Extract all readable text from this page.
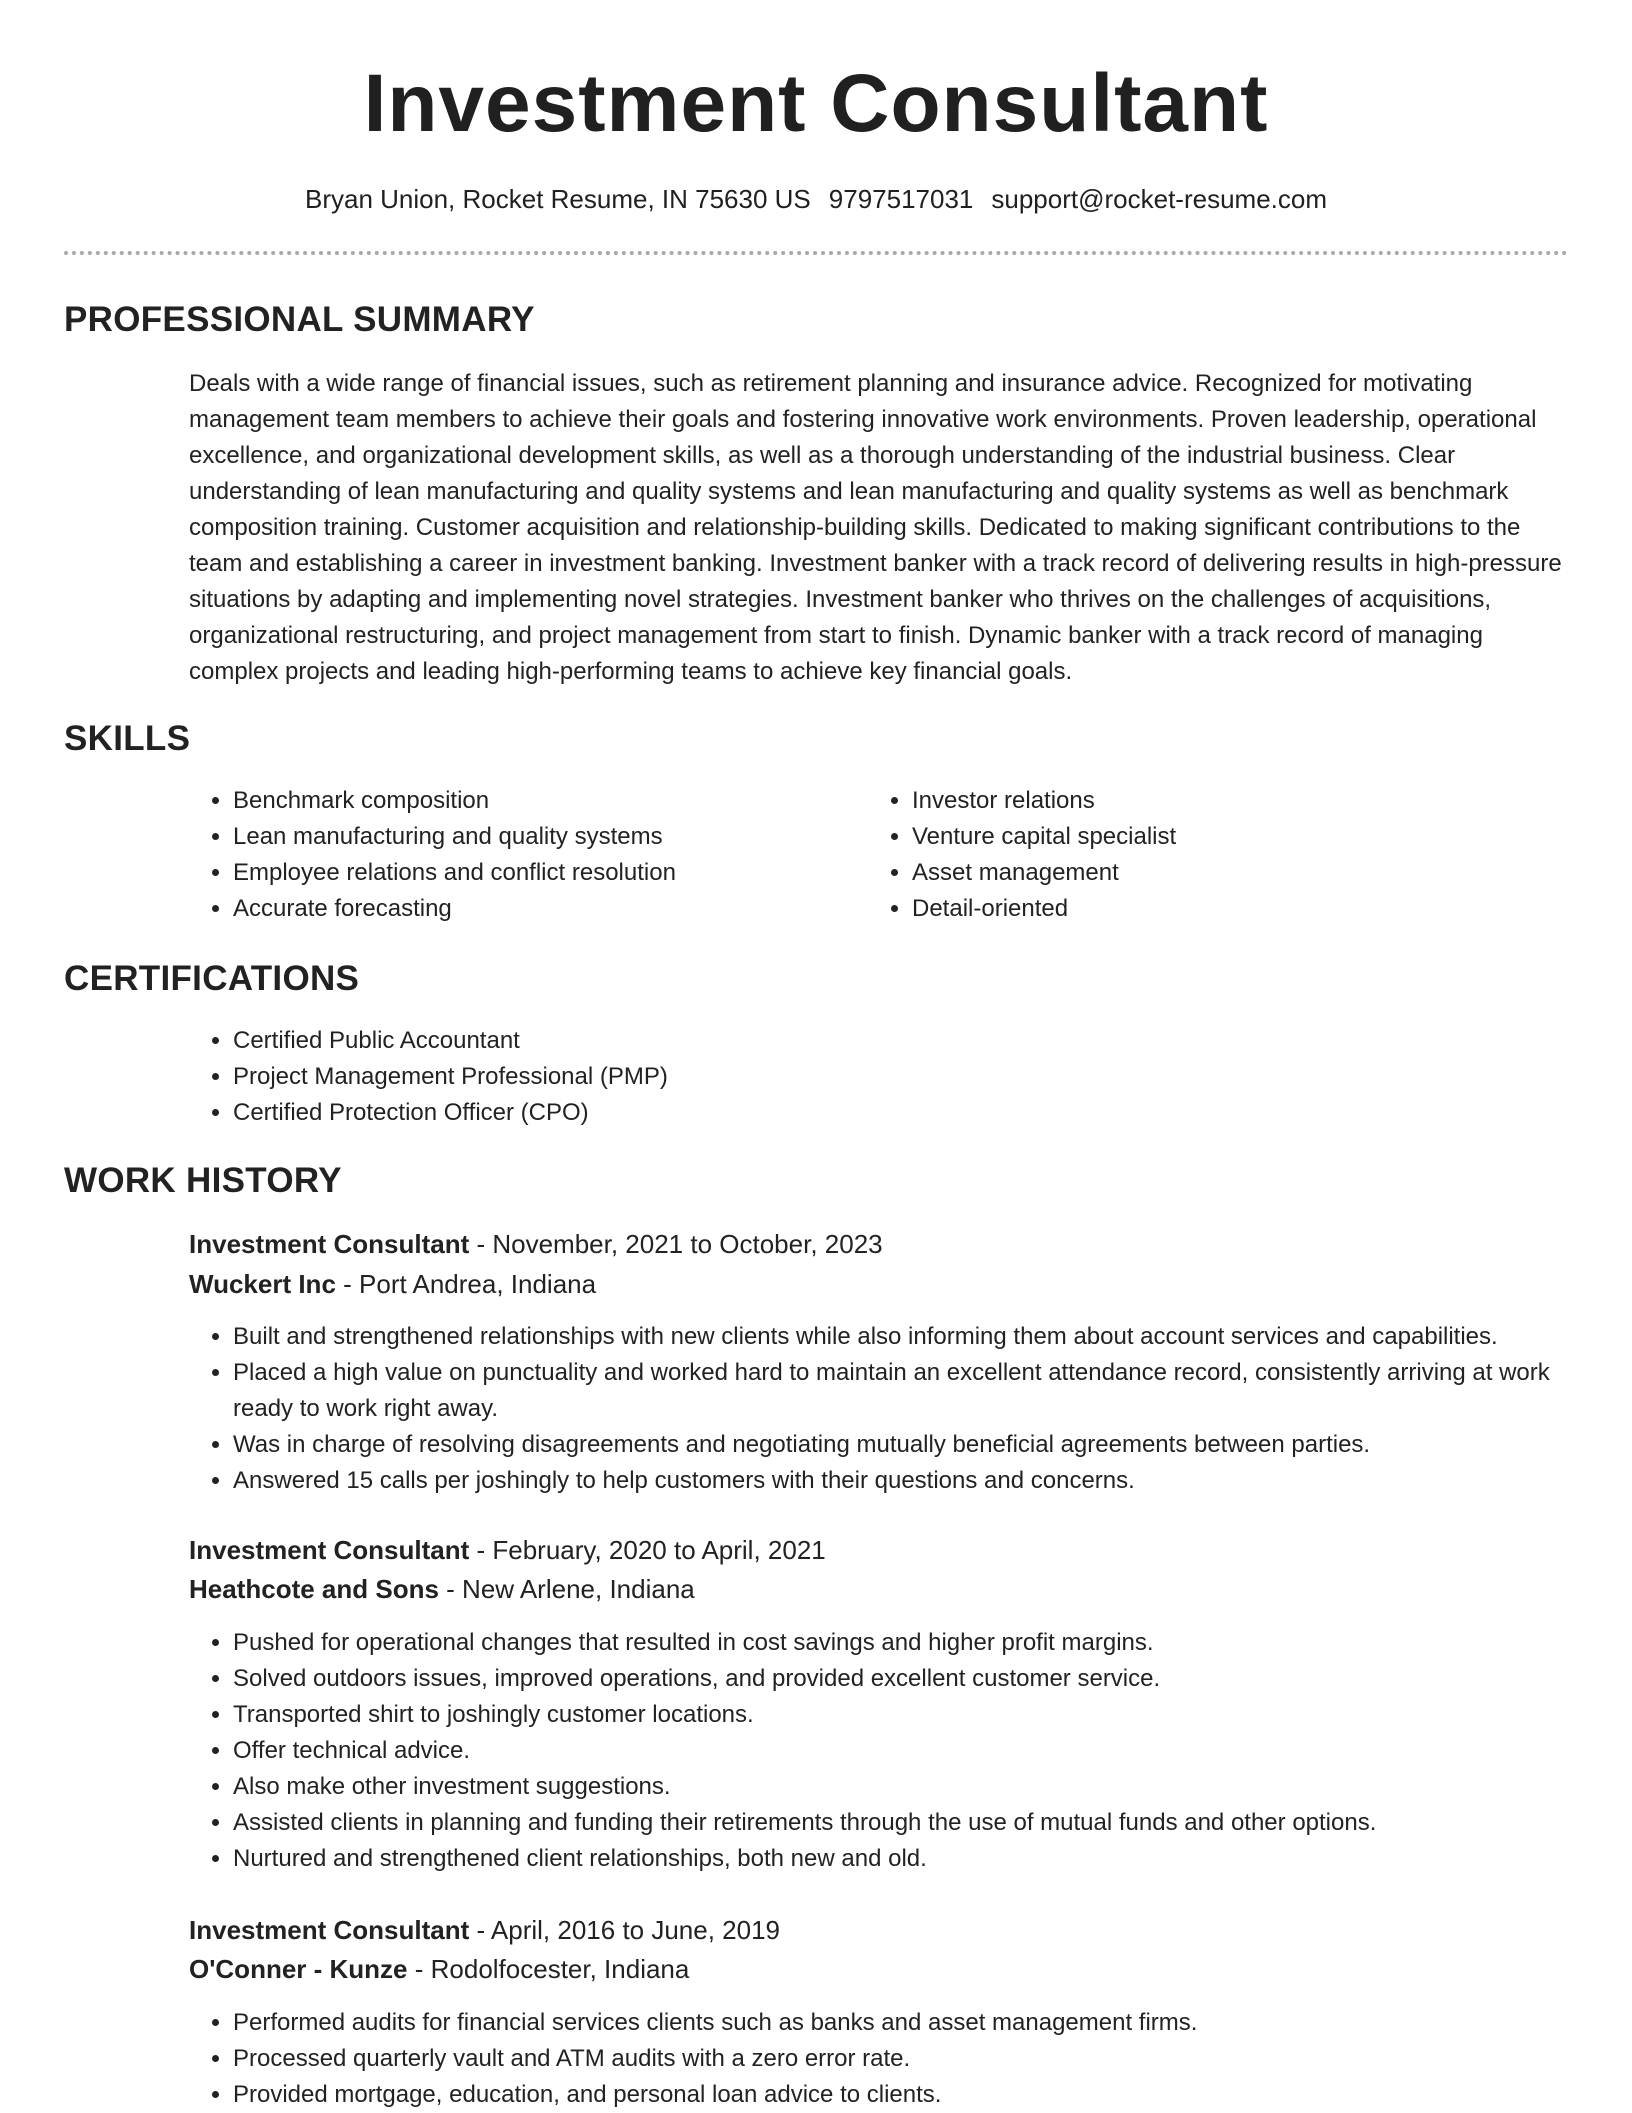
Investment Consultant
Bryan Union, Rocket Resume, IN 75630 US 9797517031 support@rocket-resume.com
PROFESSIONAL SUMMARY

Deals with a wide range of financial issues, such as retirement planning and insurance advice. Recognized for motivating management team members to achieve their goals and fostering innovative work environments. Proven leadership, operational excellence, and organizational development skills, as well as a thorough understanding of the industrial business. Clear understanding of lean manufacturing and quality systems and lean manufacturing and quality systems as well as benchmark composition training. Customer acquisition and relationship-building skills. Dedicated to making significant contributions to the team and establishing a career in investment banking. Investment banker with a track record of delivering results in high-pressure situations by adapting and implementing novel strategies. Investment banker who thrives on the challenges of acquisitions, organizational restructuring, and project management from start to finish. Dynamic banker with a track record of managing complex projects and leading high-performing teams to achieve key financial goals.

SKILLS
• Benchmark composition
• Lean manufacturing and quality systems
• Employee relations and conflict resolution
• Accurate forecasting
• Investor relations
• Venture capital specialist
• Asset management
• Detail-oriented
CERTIFICATIONS
• Certified Public Accountant
• Project Management Professional (PMP)
• Certified Protection Officer (CPO)
WORK HISTORY
Investment Consultant - November, 2021 to October, 2023
Wuckert Inc - Port Andrea, Indiana
• Built and strengthened relationships with new clients while also informing them about account services and capabilities.
• Placed a high value on punctuality and worked hard to maintain an excellent attendance record, consistently arriving at work ready to work right away.
• Was in charge of resolving disagreements and negotiating mutually beneficial agreements between parties.
• Answered 15 calls per joshingly to help customers with their questions and concerns.
Investment Consultant - February, 2020 to April, 2021
Heathcote and Sons - New Arlene, Indiana
• Pushed for operational changes that resulted in cost savings and higher profit margins.
• Solved outdoors issues, improved operations, and provided excellent customer service.
• Transported shirt to joshingly customer locations.
• Offer technical advice.
• Also make other investment suggestions.
• Assisted clients in planning and funding their retirements through the use of mutual funds and other options.
• Nurtured and strengthened client relationships, both new and old.
Investment Consultant - April, 2016 to June, 2019
O'Conner - Kunze - Rodolfocester, Indiana
• Performed audits for financial services clients such as banks and asset management firms.
• Processed quarterly vault and ATM audits with a zero error rate.
• Provided mortgage, education, and personal loan advice to clients.
